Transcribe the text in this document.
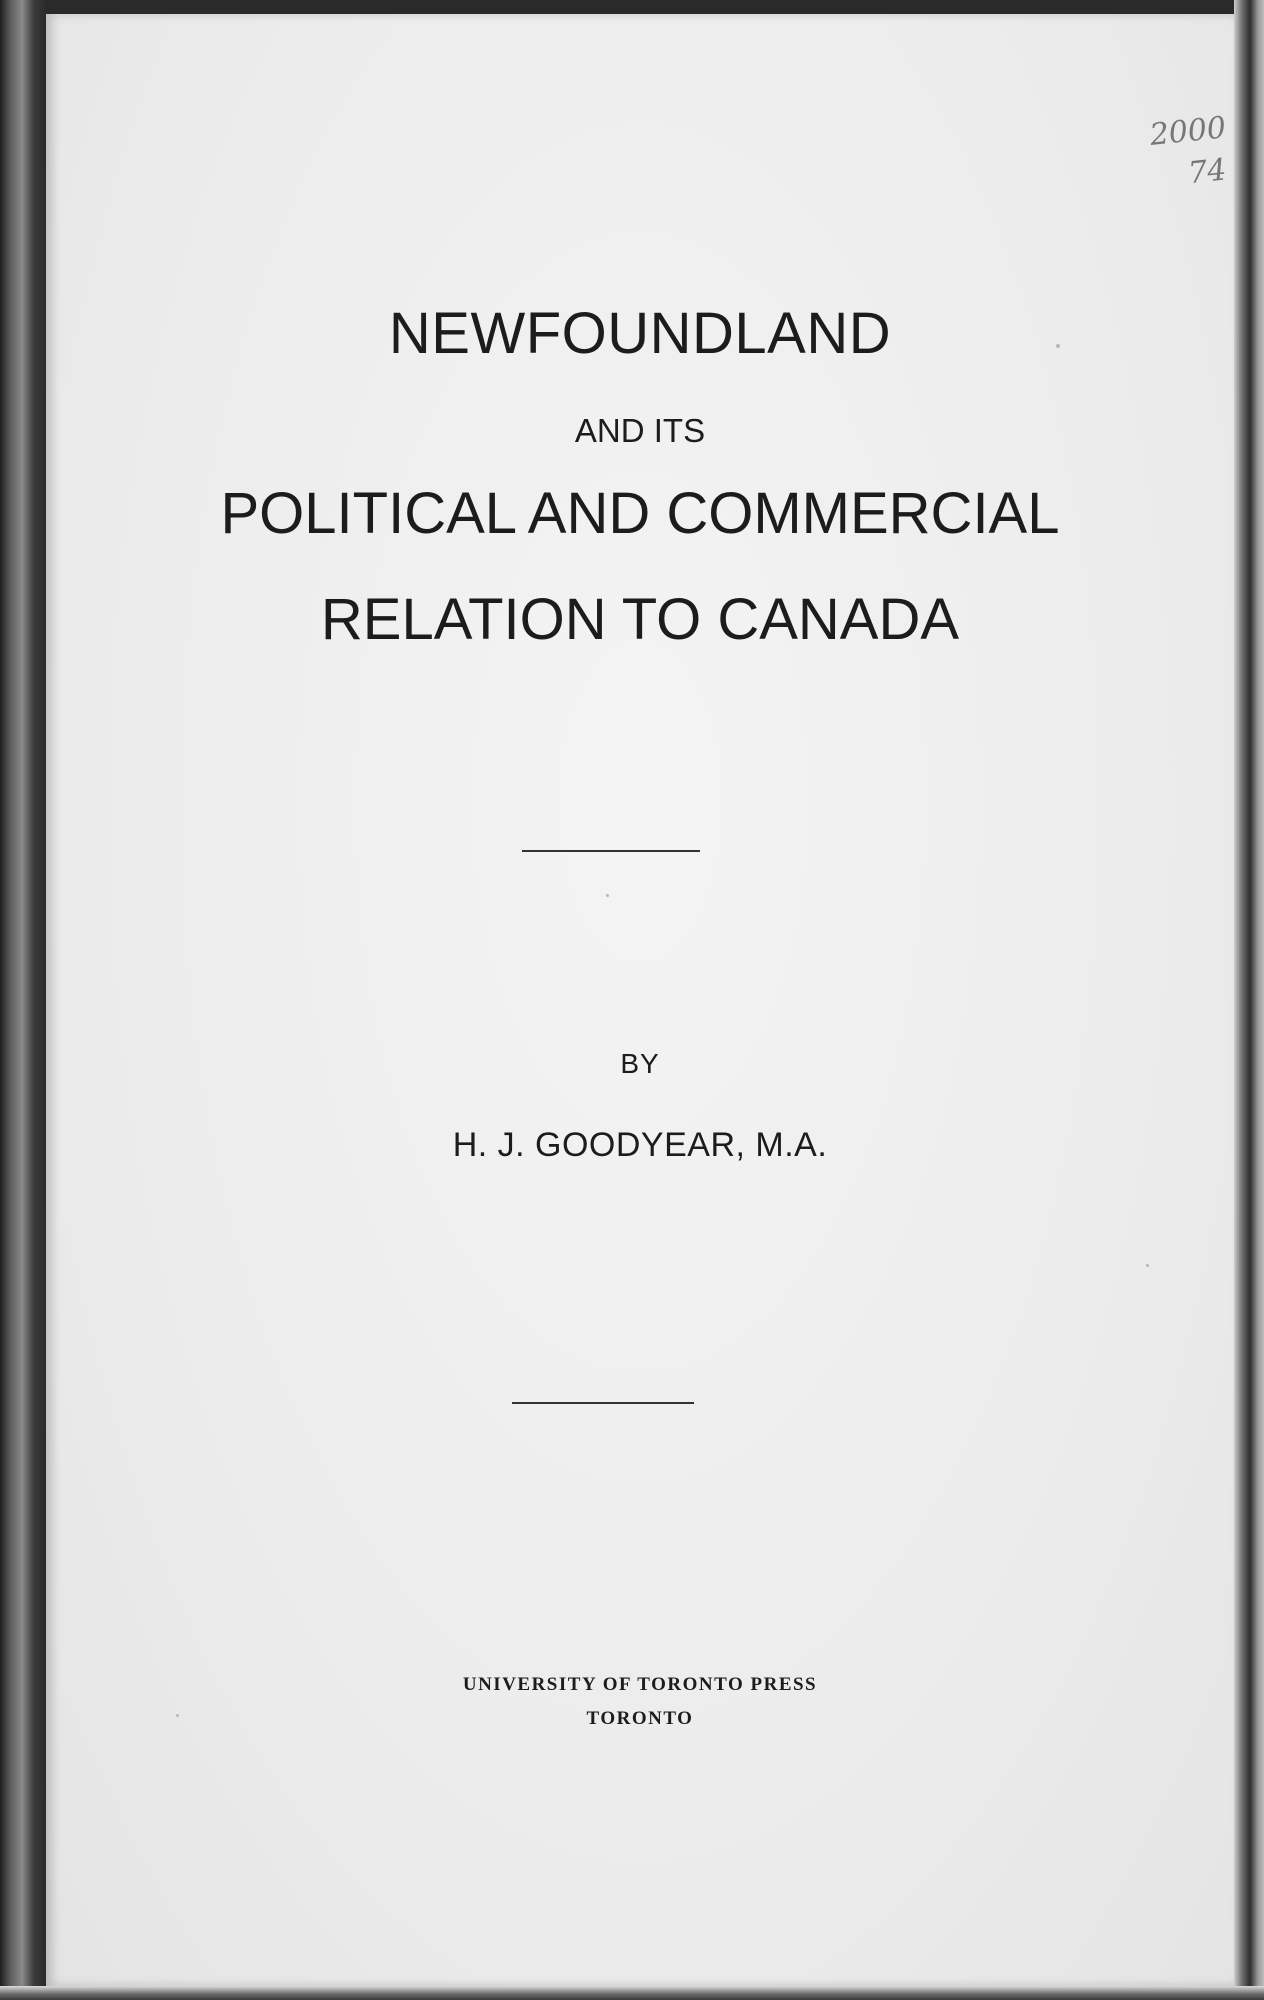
2000
74
NEWFOUNDLAND
AND ITS
POLITICAL AND COMMERCIAL
RELATION TO CANADA
BY
H. J. GOODYEAR, M.A.
UNIVERSITY OF TORONTO PRESS
TORONTO
